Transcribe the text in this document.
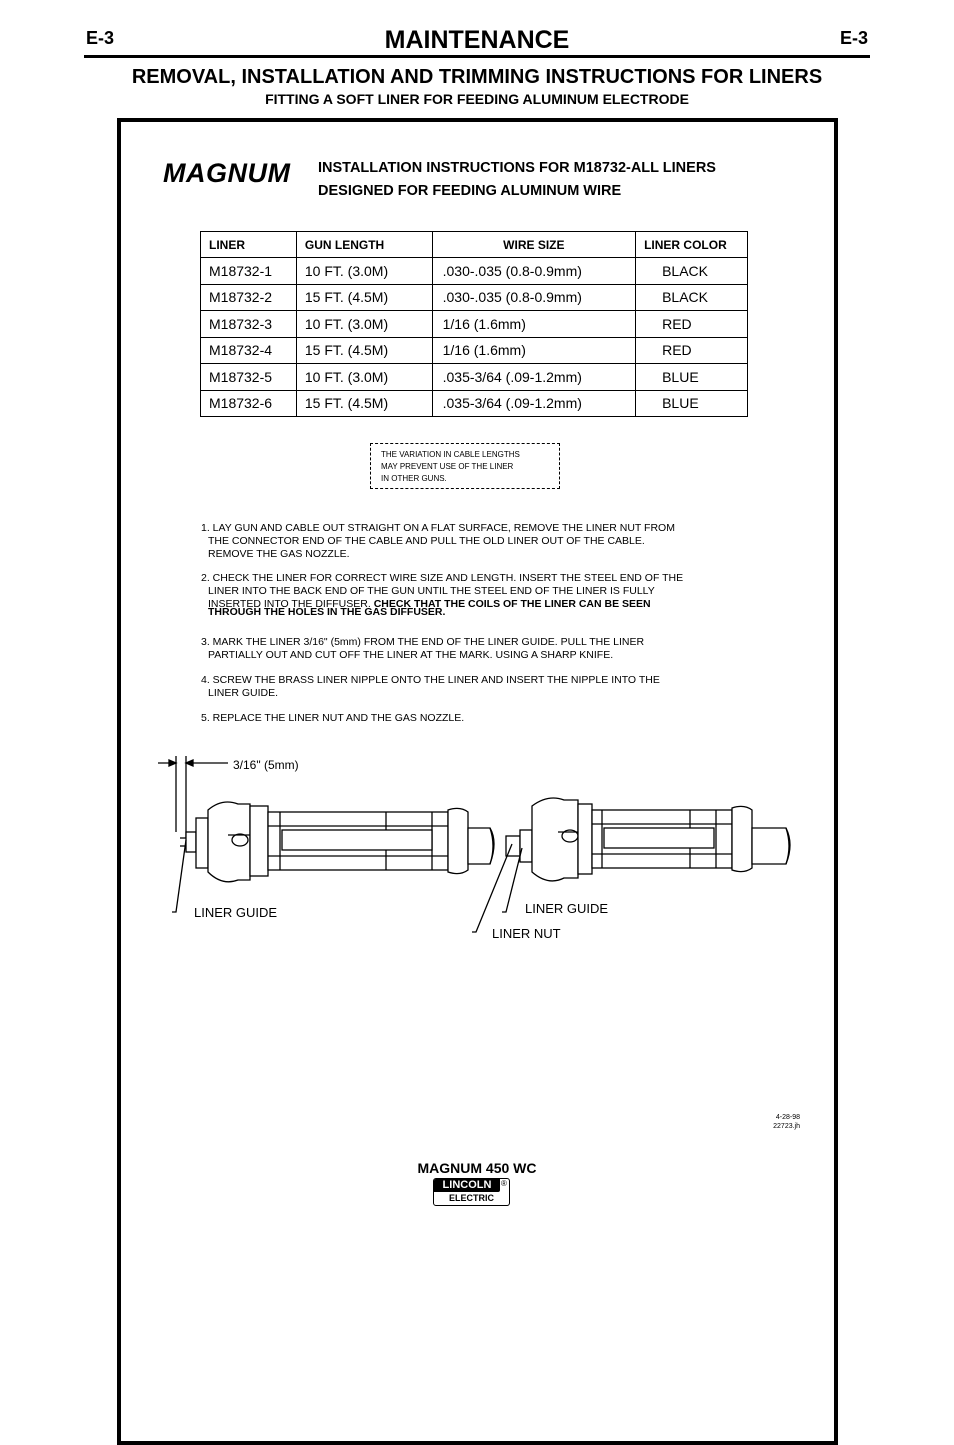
E-3	MAINTENANCE	E-3
REMOVAL, INSTALLATION AND TRIMMING INSTRUCTIONS FOR LINERS
FITTING A SOFT LINER FOR FEEDING ALUMINUM ELECTRODE
MAGNUM INSTALLATION INSTRUCTIONS FOR M18732-ALL LINERS
DESIGNED FOR FEEDING ALUMINUM WIRE
LINER	GUN LENGTH	WIRE SIZE	LINER COLOR
M18732-1	10 FT. (3.0M)	.030-.035 (0.8-0.9mm)	BLACK
M18732-2	15 FT. (4.5M)	.030-.035 (0.8-0.9mm)	BLACK
M18732-3	10 FT. (3.0M)	1/16 (1.6mm)	RED
M18732-4	15 FT. (4.5M)	1/16 (1.6mm)	RED
M18732-5	10 FT. (3.0M)	.035-3/64 (.09-1.2mm)	BLUE
M18732-6	15 FT. (4.5M)	.035-3/64 (.09-1.2mm)	BLUE
THE VARIATION IN CABLE LENGTHS
MAY PREVENT USE OF THE LINER
IN OTHER GUNS.
1. LAY GUN AND CABLE OUT STRAIGHT ON A FLAT SURFACE, REMOVE THE LINER NUT FROM
THE CONNECTOR END OF THE CABLE AND PULL THE OLD LINER OUT OF THE CABLE.
REMOVE THE GAS NOZZLE.
2. CHECK THE LINER FOR CORRECT WIRE SIZE AND LENGTH. INSERT THE STEEL END OF THE
LINER INTO THE BACK END OF THE GUN UNTIL THE STEEL END OF THE LINER IS FULLY
INSERTED INTO THE DIFFUSER. CHECK THAT THE COILS OF THE LINER CAN BE SEEN
THROUGH THE HOLES IN THE GAS DIFFUSER.
3. MARK THE LINER 3/16" (5mm) FROM THE END OF THE LINER GUIDE. PULL THE LINER
PARTIALLY OUT AND CUT OFF THE LINER AT THE MARK. USING A SHARP KNIFE.
4. SCREW THE BRASS LINER NIPPLE ONTO THE LINER AND INSERT THE NIPPLE INTO THE
LINER GUIDE.
5. REPLACE THE LINER NUT AND THE GAS NOZZLE.
3/16" (5mm)
LINER GUIDE	LINER GUIDE
LINER NUT
4-28-98
22723.jh
MAGNUM 450 WC
LINCOLN	®
ELECTRIC
